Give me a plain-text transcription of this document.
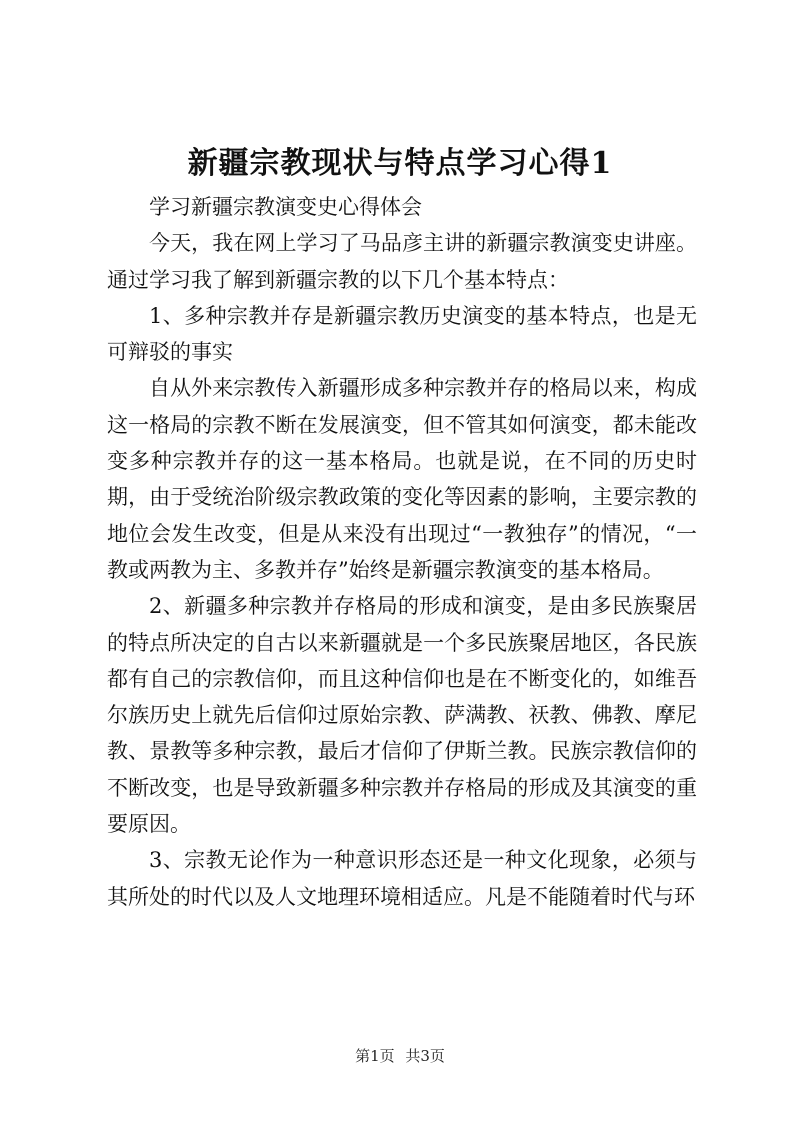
新疆宗教现状与特点学习心得1

学习新疆宗教演变史心得体会

今天，我在网上学习了马品彦主讲的新疆宗教演变史讲座。通过学习我了解到新疆宗教的以下几个基本特点：

1、多种宗教并存是新疆宗教历史演变的基本特点，也是无可辩驳的事实

自从外来宗教传入新疆形成多种宗教并存的格局以来，构成这一格局的宗教不断在发展演变，但不管其如何演变，都未能改变多种宗教并存的这一基本格局。也就是说，在不同的历史时期，由于受统治阶级宗教政策的变化等因素的影响，主要宗教的地位会发生改变，但是从来没有出现过“一教独存”的情况，“一教或两教为主、多教并存”始终是新疆宗教演变的基本格局。

2、新疆多种宗教并存格局的形成和演变，是由多民族聚居的特点所决定的自古以来新疆就是一个多民族聚居地区，各民族都有自己的宗教信仰，而且这种信仰也是在不断变化的，如维吾尔族历史上就先后信仰过原始宗教、萨满教、祆教、佛教、摩尼教、景教等多种宗教，最后才信仰了伊斯兰教。民族宗教信仰的不断改变，也是导致新疆多种宗教并存格局的形成及其演变的重要原因。

3、宗教无论作为一种意识形态还是一种文化现象，必须与其所处的时代以及人文地理环境相适应。凡是不能随着时代与环

第1页 共3页
